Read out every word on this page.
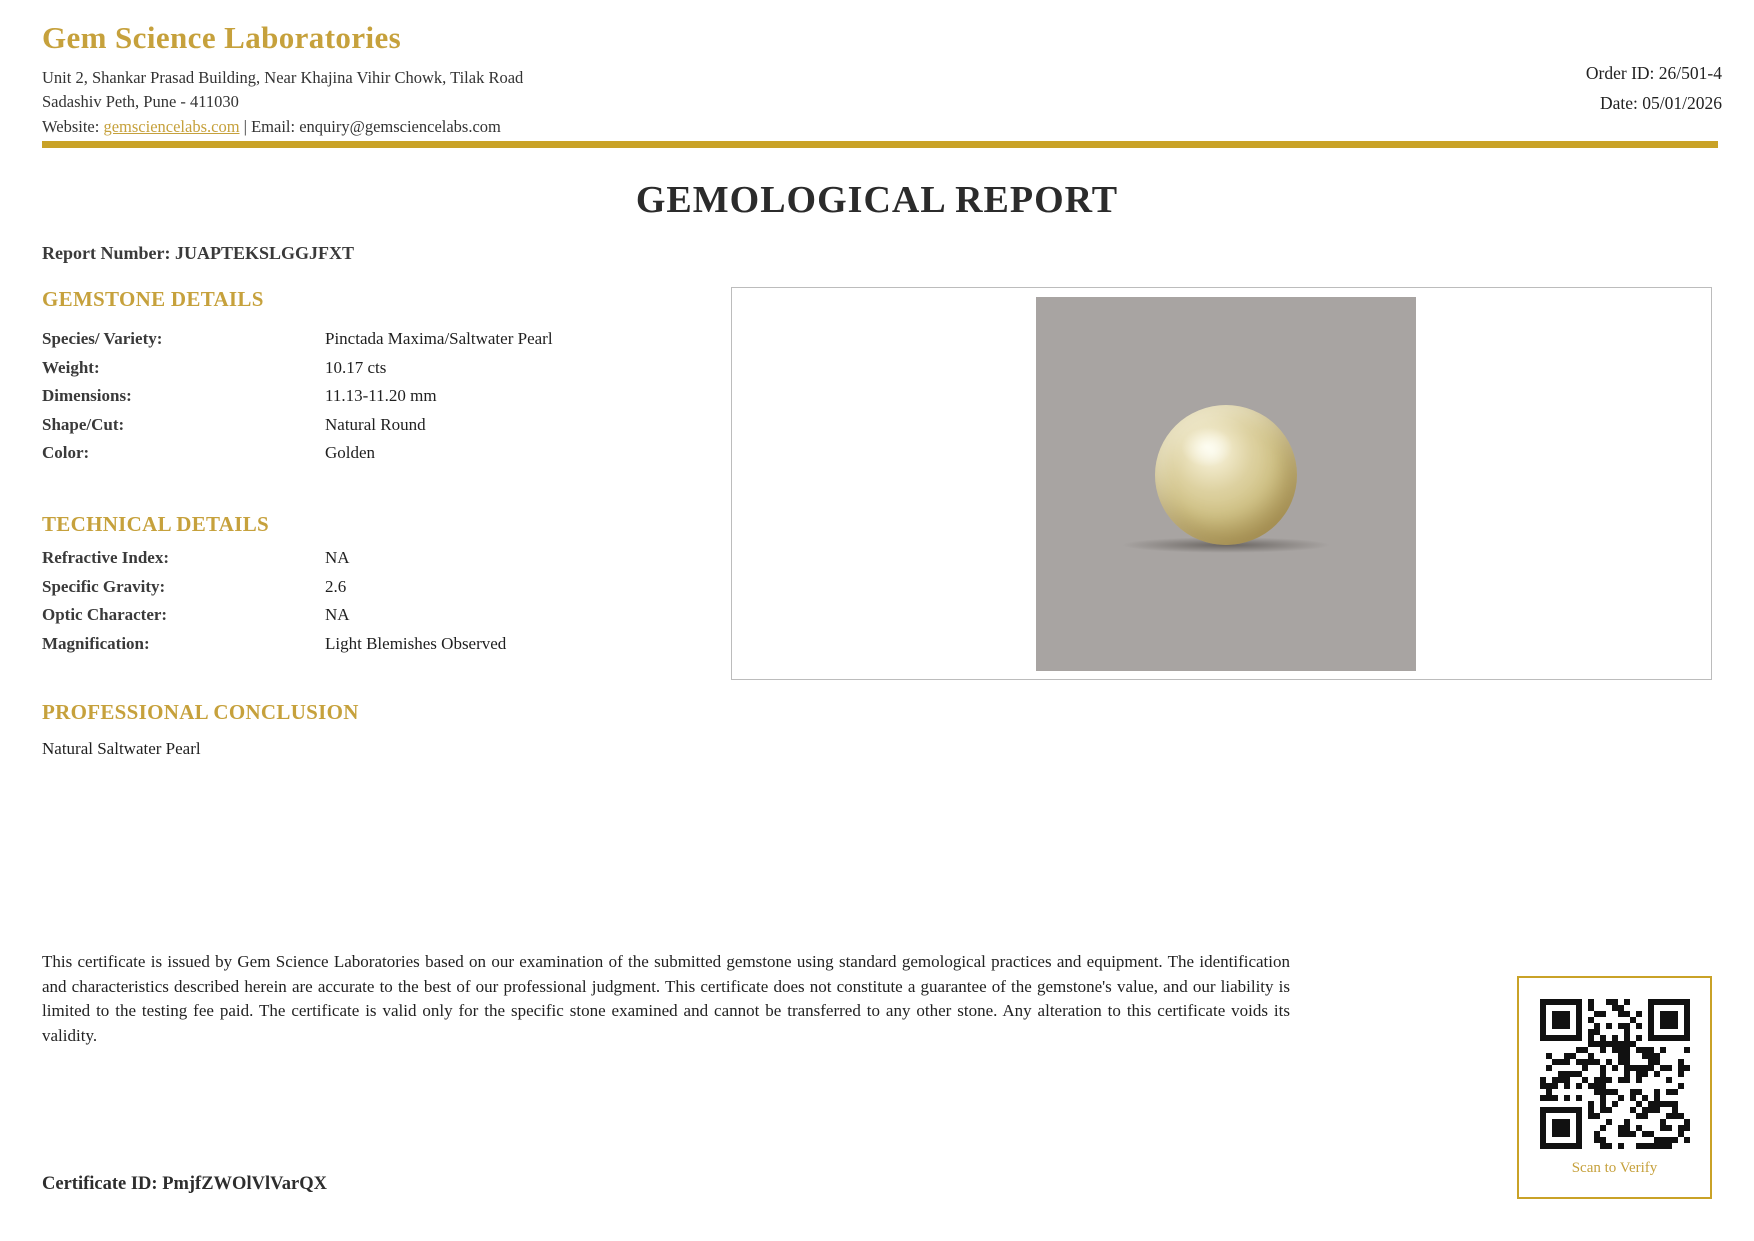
Gem Science Laboratories
Unit 2, Shankar Prasad Building, Near Khajina Vihir Chowk, Tilak Road
Sadashiv Peth, Pune - 411030
Website: gemsciencelabs.com | Email: enquiry@gemsciencelabs.com
Order ID: 26/501-4
Date: 05/01/2026
GEMOLOGICAL REPORT
Report Number: JUAPTEKSLGGJFXT
GEMSTONE DETAILS
Species/ Variety:	Pinctada Maxima/Saltwater Pearl
Weight:	10.17 cts
Dimensions:	11.13-11.20 mm
Shape/Cut:	Natural Round
Color:	Golden
TECHNICAL DETAILS
Refractive Index:	NA
Specific Gravity:	2.6
Optic Character:	NA
Magnification:	Light Blemishes Observed
PROFESSIONAL CONCLUSION
Natural Saltwater Pearl
This certificate is issued by Gem Science Laboratories based on our examination of the submitted gemstone using standard gemological practices and equipment. The identification and characteristics described herein are accurate to the best of our professional judgment. This certificate does not constitute a guarantee of the gemstone's value, and our liability is limited to the testing fee paid. The certificate is valid only for the specific stone examined and cannot be transferred to any other stone. Any alteration to this certificate voids its validity.
Scan to Verify
Certificate ID: PmjfZWOlVlVarQX
